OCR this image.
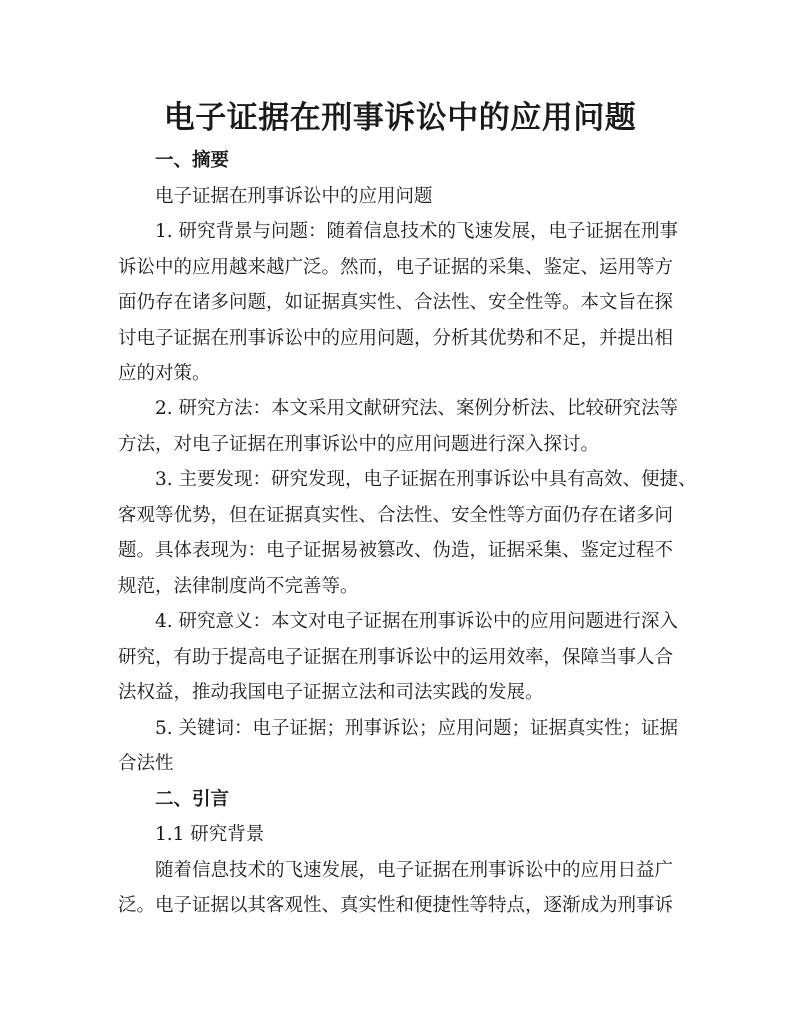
电子证据在刑事诉讼中的应用问题
一、摘要
电子证据在刑事诉讼中的应用问题
1. 研究背景与问题：随着信息技术的飞速发展，电子证据在刑事
诉讼中的应用越来越广泛。然而，电子证据的采集、鉴定、运用等方
面仍存在诸多问题，如证据真实性、合法性、安全性等。本文旨在探
讨电子证据在刑事诉讼中的应用问题，分析其优势和不足，并提出相
应的对策。
2. 研究方法：本文采用文献研究法、案例分析法、比较研究法等
方法，对电子证据在刑事诉讼中的应用问题进行深入探讨。
3. 主要发现：研究发现，电子证据在刑事诉讼中具有高效、便捷、
客观等优势，但在证据真实性、合法性、安全性等方面仍存在诸多问
题。具体表现为：电子证据易被篡改、伪造，证据采集、鉴定过程不
规范，法律制度尚不完善等。
4. 研究意义：本文对电子证据在刑事诉讼中的应用问题进行深入
研究，有助于提高电子证据在刑事诉讼中的运用效率，保障当事人合
法权益，推动我国电子证据立法和司法实践的发展。
5. 关键词：电子证据；刑事诉讼；应用问题；证据真实性；证据
合法性
二、引言
1.1 研究背景
随着信息技术的飞速发展，电子证据在刑事诉讼中的应用日益广
泛。电子证据以其客观性、真实性和便捷性等特点，逐渐成为刑事诉
